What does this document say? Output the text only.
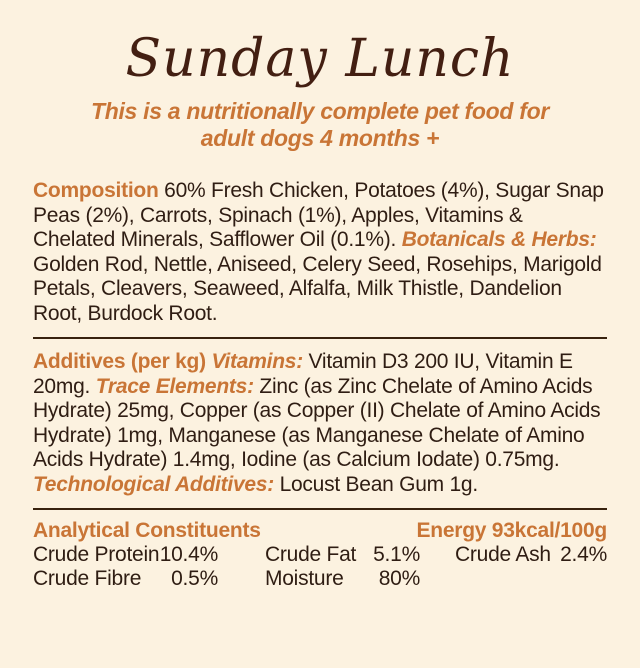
Sunday Lunch
This is a nutritionally complete pet food for adult dogs 4 months +

Composition 60% Fresh Chicken, Potatoes (4%), Sugar Snap Peas (2%), Carrots, Spinach (1%), Apples, Vitamins & Chelated Minerals, Safflower Oil (0.1%). Botanicals & Herbs: Golden Rod, Nettle, Aniseed, Celery Seed, Rosehips, Marigold Petals, Cleavers, Seaweed, Alfalfa, Milk Thistle, Dandelion Root, Burdock Root.

Additives (per kg) Vitamins: Vitamin D3 200 IU, Vitamin E 20mg. Trace Elements: Zinc (as Zinc Chelate of Amino Acids Hydrate) 25mg, Copper (as Copper (II) Chelate of Amino Acids Hydrate) 1mg, Manganese (as Manganese Chelate of Amino Acids Hydrate) 1.4mg, Iodine (as Calcium Iodate) 0.75mg. Technological Additives: Locust Bean Gum 1g.

Analytical Constituents	Energy 93kcal/100g
Crude Protein 10.4% Crude Fat 5.1% Crude Ash 2.4%
Crude Fibre 0.5% Moisture 80%
